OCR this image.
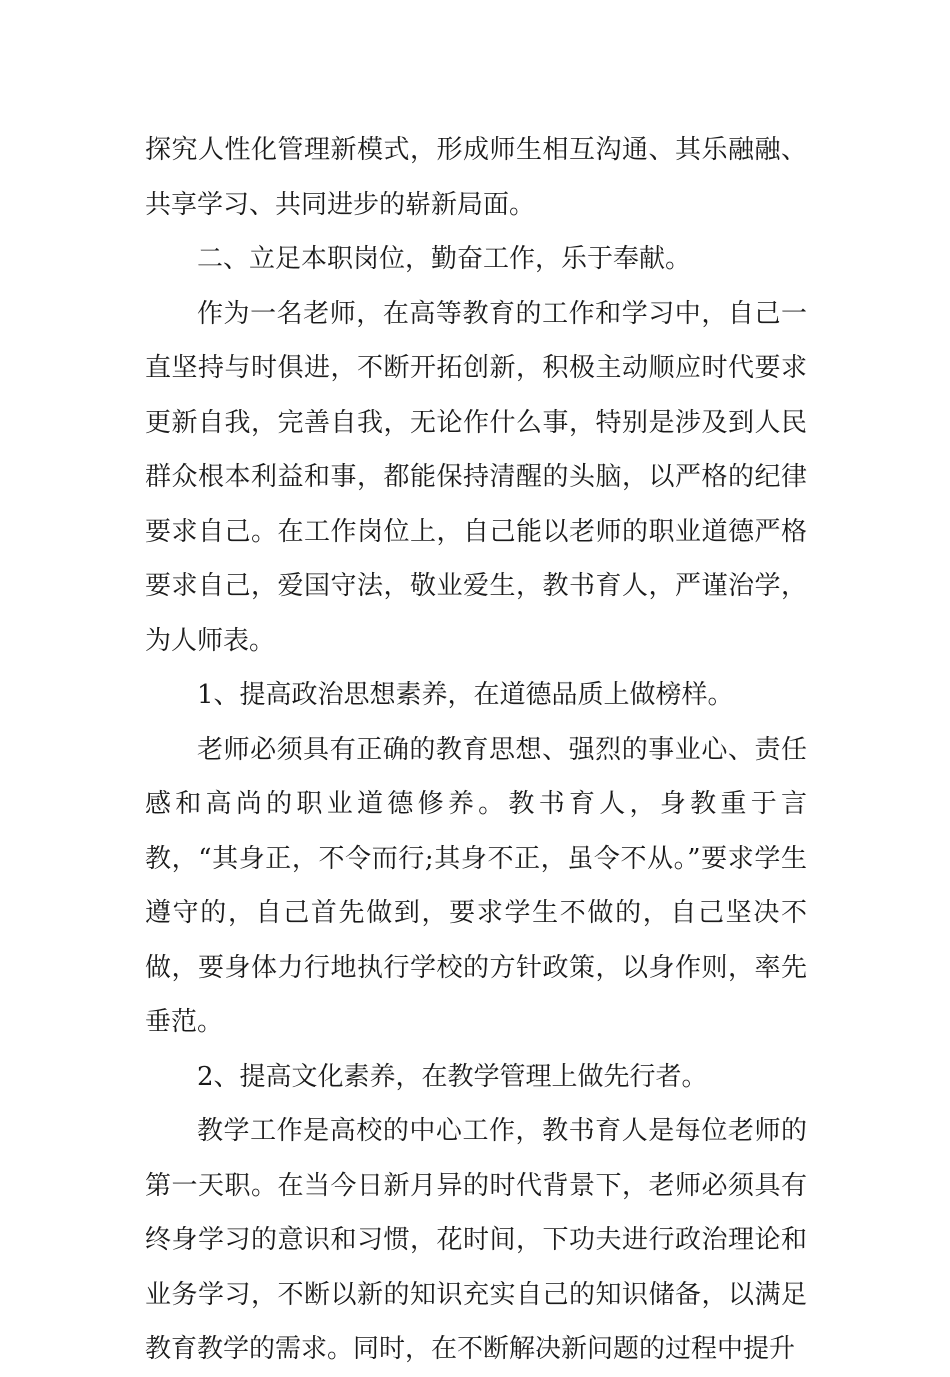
探究人性化管理新模式，形成师生相互沟通、其乐融融、共享学习、共同进步的崭新局面。

二、立足本职岗位，勤奋工作，乐于奉献。

作为一名老师，在高等教育的工作和学习中，自己一直坚持与时俱进，不断开拓创新，积极主动顺应时代要求更新自我，完善自我，无论作什么事，特别是涉及到人民群众根本利益和事，都能保持清醒的头脑，以严格的纪律要求自己。在工作岗位上，自己能以老师的职业道德严格要求自己，爱国守法，敬业爱生，教书育人，严谨治学，为人师表。

1、提高政治思想素养，在道德品质上做榜样。

老师必须具有正确的教育思想、强烈的事业心、责任感和高尚的职业道德修养。教书育人，身教重于言教，“其身正，不令而行;其身不正，虽令不从。”要求学生遵守的，自己首先做到，要求学生不做的，自己坚决不做，要身体力行地执行学校的方针政策，以身作则，率先垂范。

2、提高文化素养，在教学管理上做先行者。

教学工作是高校的中心工作，教书育人是每位老师的第一天职。在当今日新月异的时代背景下，老师必须具有终身学习的意识和习惯，花时间，下功夫进行政治理论和业务学习，不断以新的知识充实自己的知识储备，以满足教育教学的需求。同时，在不断解决新问题的过程中提升
